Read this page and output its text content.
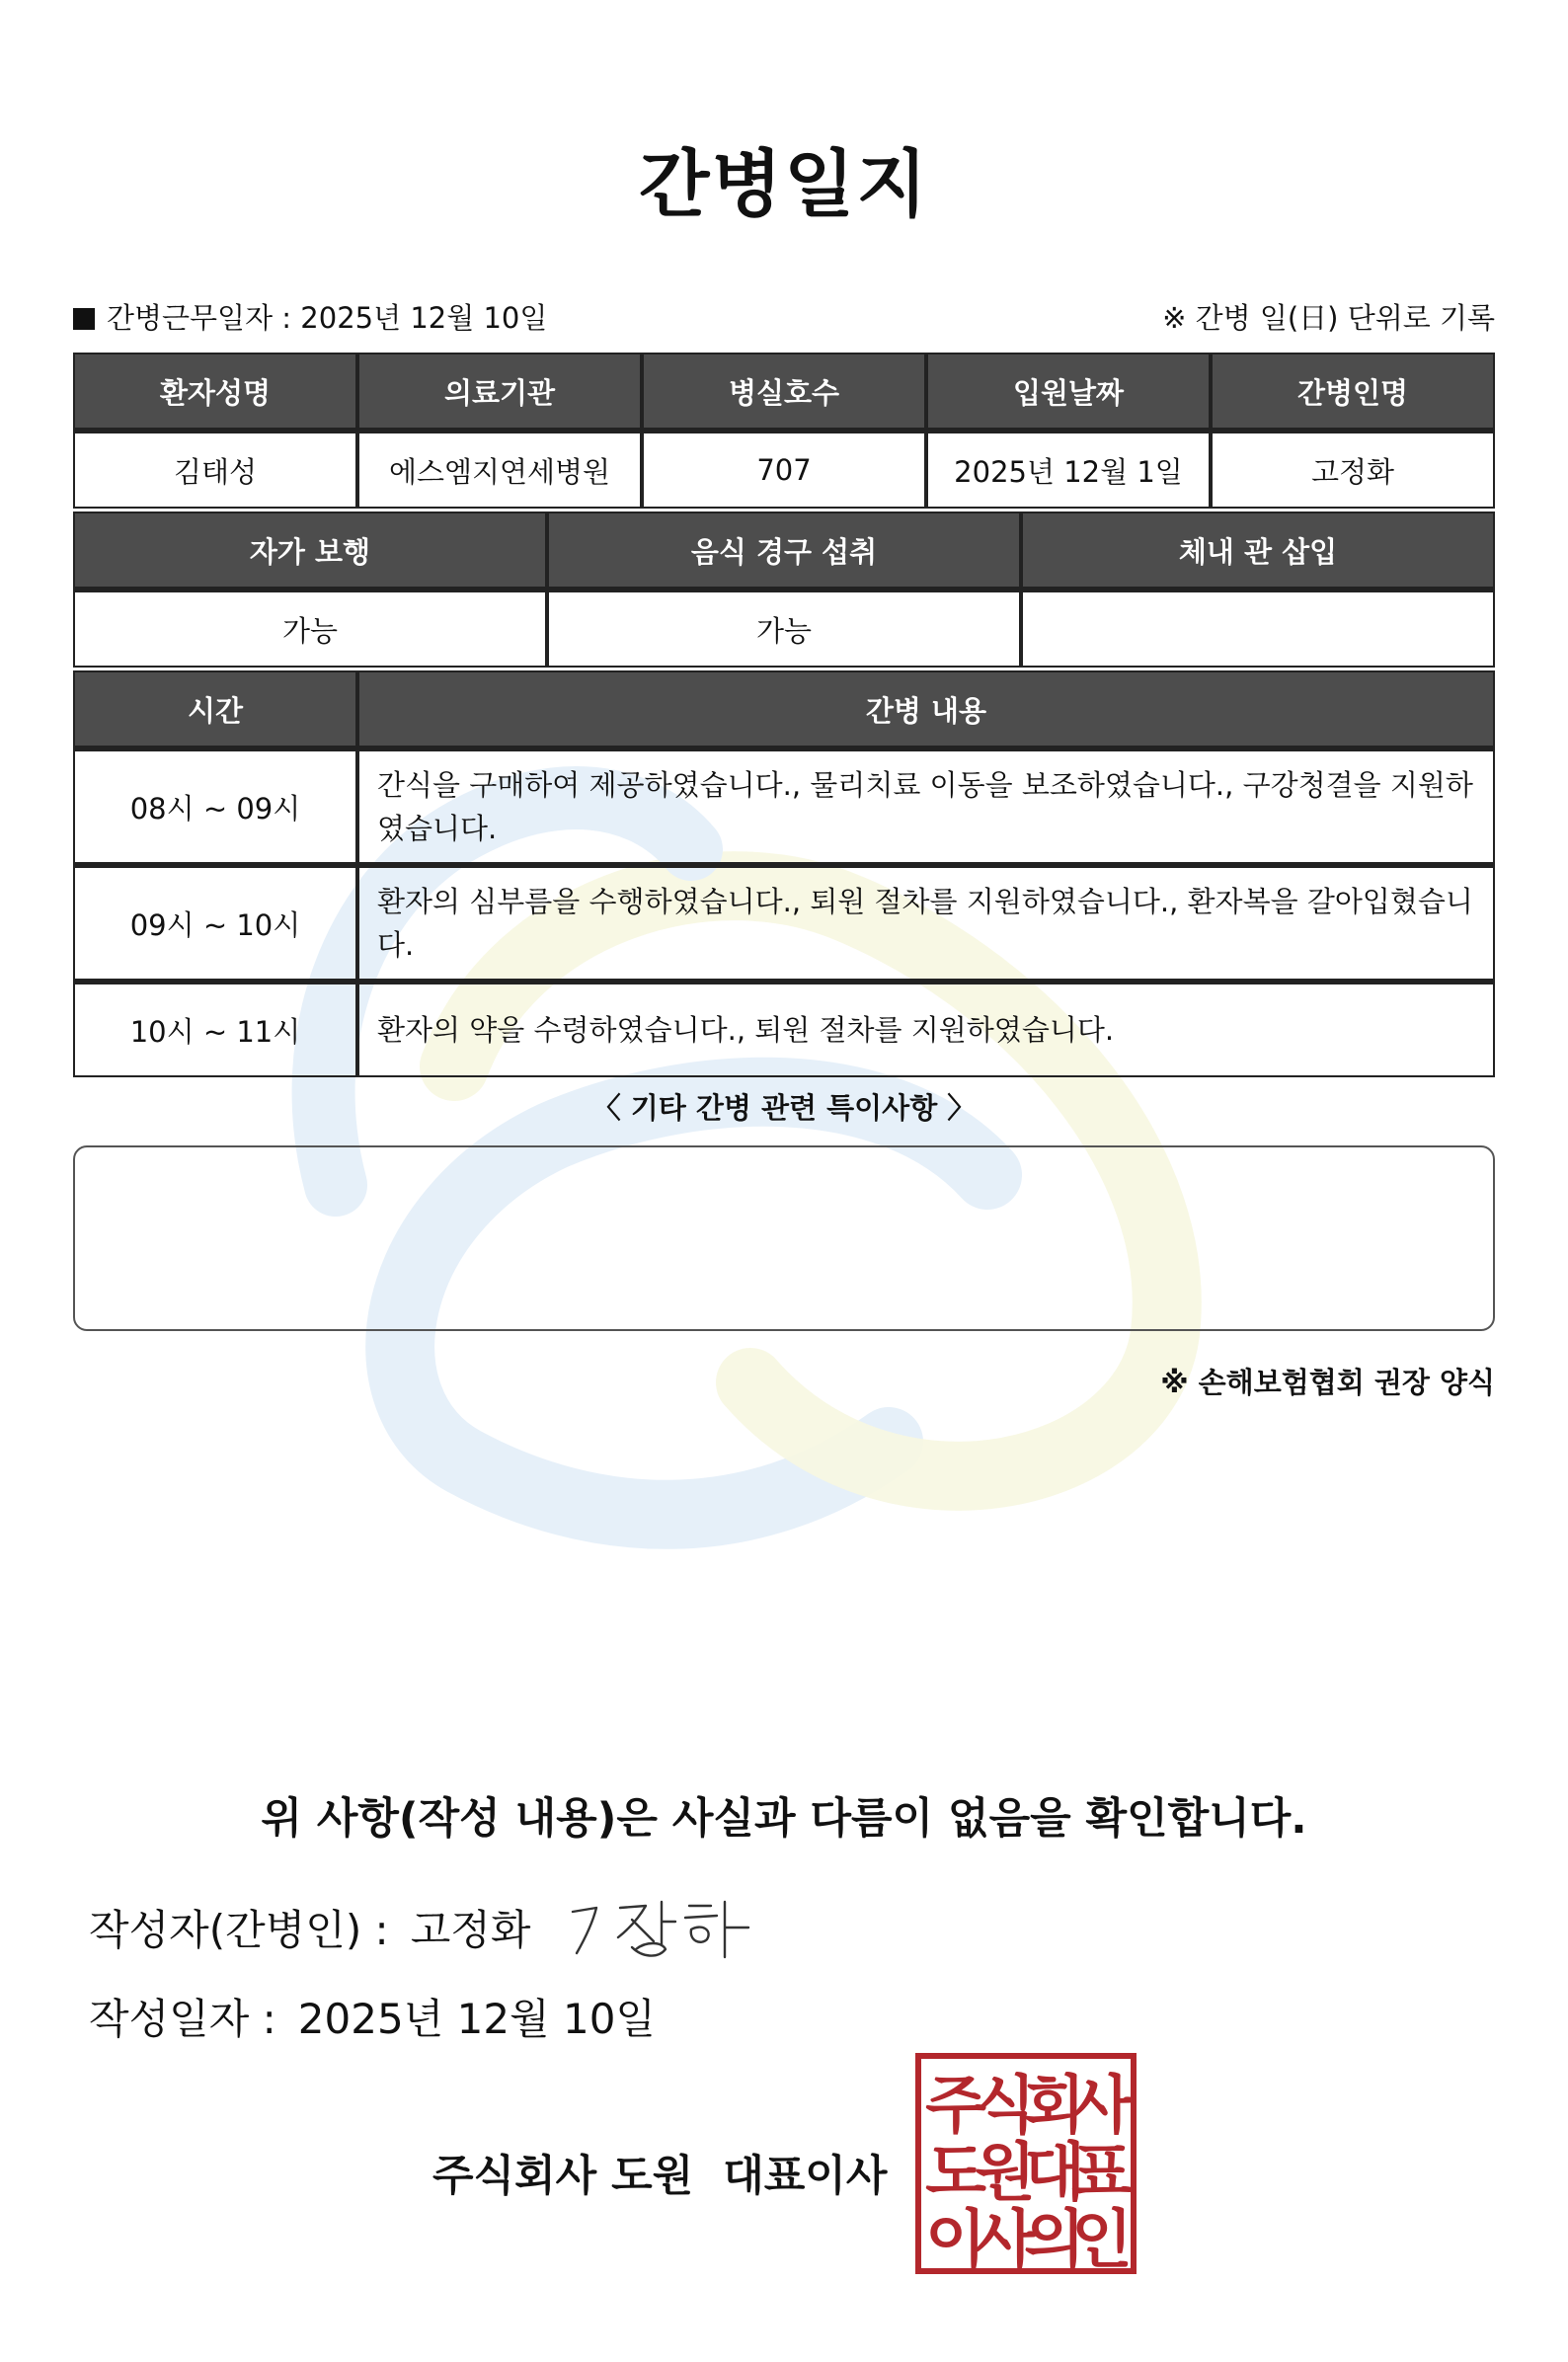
간병일지
간병근무일자 : 2025년 12월 10일	※ 간병 일(日) 단위로 기록
환자성명	의료기관	병실호수	입원날짜	간병인명
김태성	에스엠지연세병원	707	2025년 12월 1일	고정화
자가 보행	음식 경구 섭취	체내 관 삽입
가능	가능	
시간	간병 내용
08시 ~ 09시	간식을 구매하여 제공하였습니다., 물리치료 이동을 보조하였습니다., 구강청결을 지원하였습니다.
09시 ~ 10시	환자의 심부름을 수행하였습니다., 퇴원 절차를 지원하였습니다., 환자복을 갈아입혔습니다.
10시 ~ 11시	환자의 약을 수령하였습니다., 퇴원 절차를 지원하였습니다.
〈 기타 간병 관련 특이사항 〉
※ 손해보험협회 권장 양식
위 사항(작성 내용)은 사실과 다름이 없음을 확인합니다.
작성자(간병인) : 고정화
작성일자 : 2025년 12월 10일
주식회사 도원 대표이사
주
식
회
사
도
원
대
표
이
사
의
인
